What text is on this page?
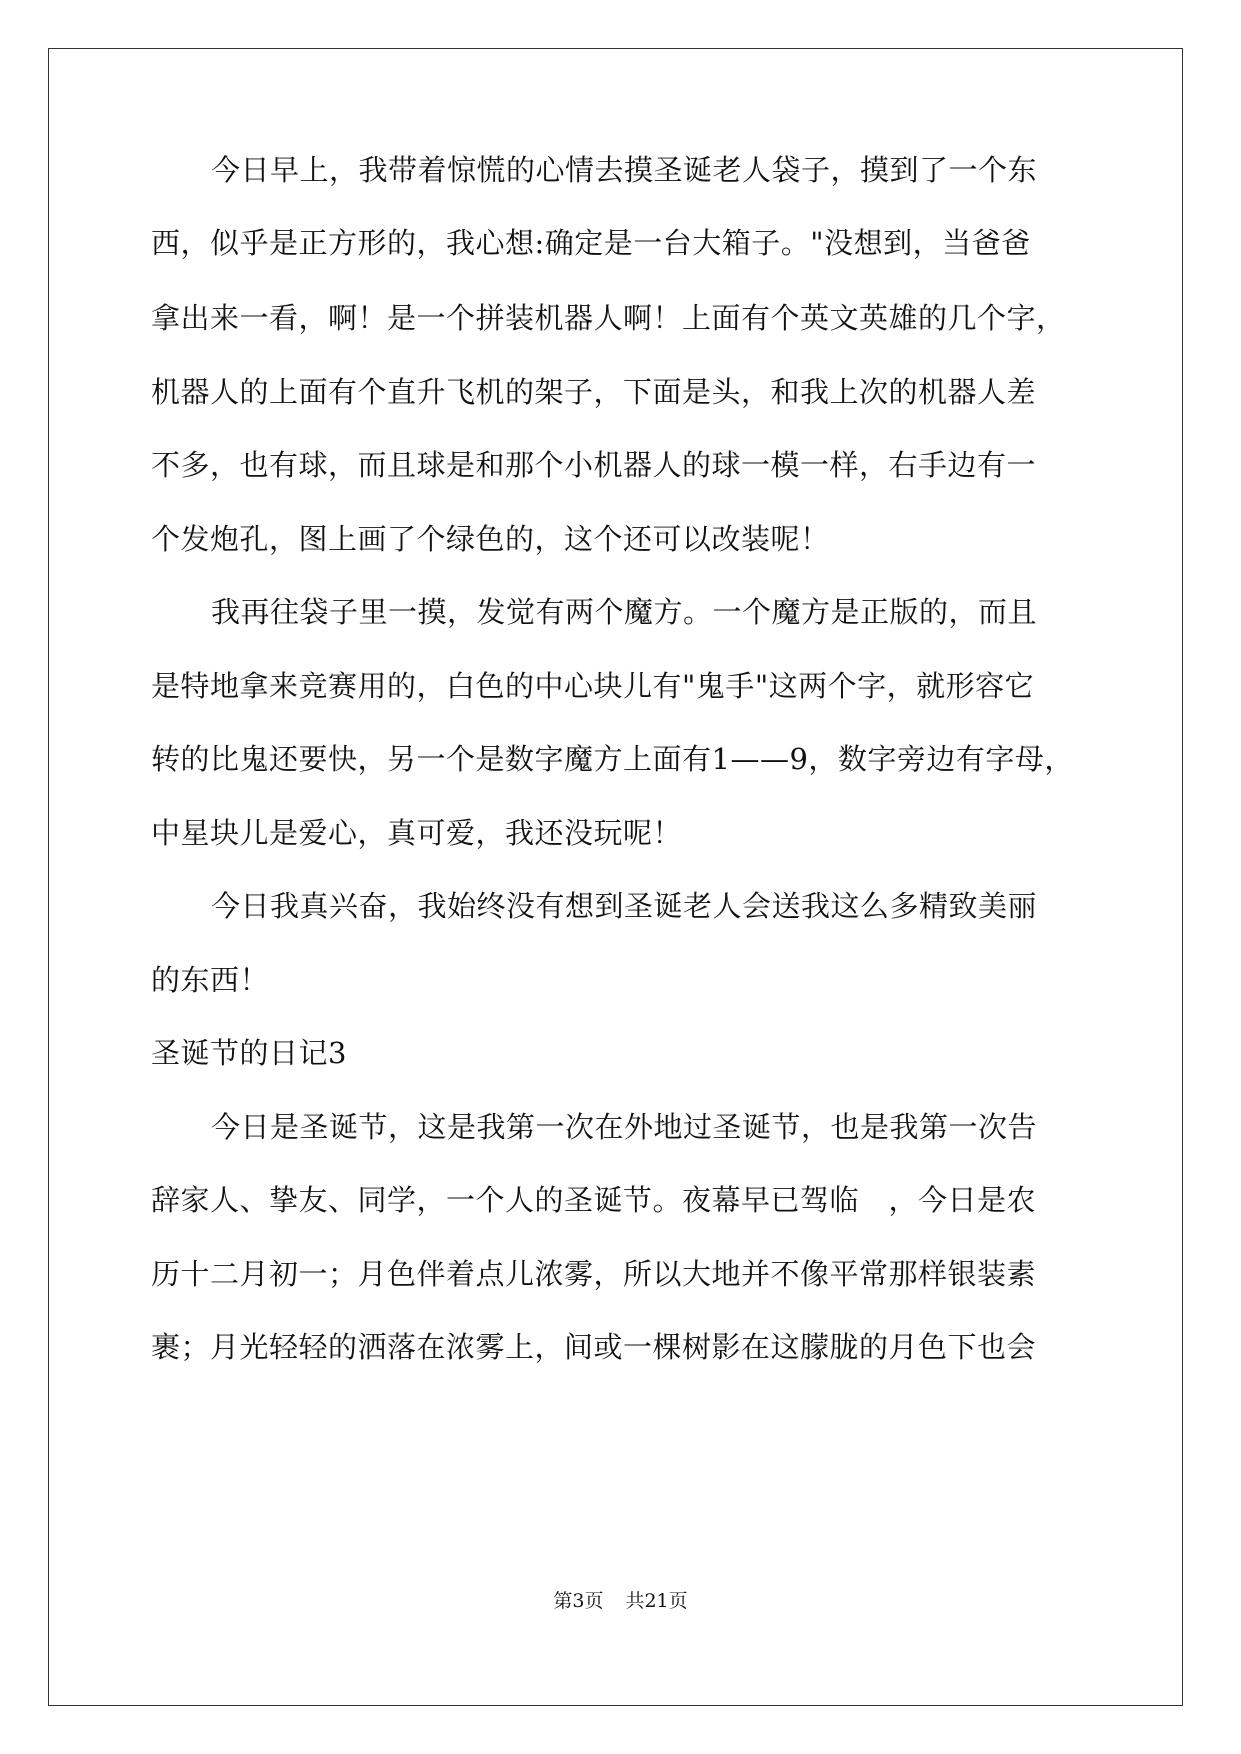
今日早上，我带着惊慌的心情去摸圣诞老人袋子，摸到了一个东
西，似乎是正方形的，我心想:确定是一台大箱子。"没想到，当爸爸
拿出来一看，啊！是一个拼装机器人啊！上面有个英文英雄的几个字，
机器人的上面有个直升飞机的架子，下面是头，和我上次的机器人差
不多，也有球，而且球是和那个小机器人的球一模一样，右手边有一
个发炮孔，图上画了个绿色的，这个还可以改装呢！
我再往袋子里一摸，发觉有两个魔方。一个魔方是正版的，而且
是特地拿来竞赛用的，白色的中心块儿有"鬼手"这两个字，就形容它
转的比鬼还要快，另一个是数字魔方上面有1——9，数字旁边有字母，
中星块儿是爱心，真可爱，我还没玩呢！
今日我真兴奋，我始终没有想到圣诞老人会送我这么多精致美丽
的东西！
圣诞节的日记3
今日是圣诞节，这是我第一次在外地过圣诞节，也是我第一次告
辞家人、挚友、同学，一个人的圣诞节。夜幕早已驾临　，今日是农
历十二月初一；月色伴着点儿浓雾，所以大地并不像平常那样银装素
裹；月光轻轻的洒落在浓雾上，间或一棵树影在这朦胧的月色下也会
第3页 共21页
